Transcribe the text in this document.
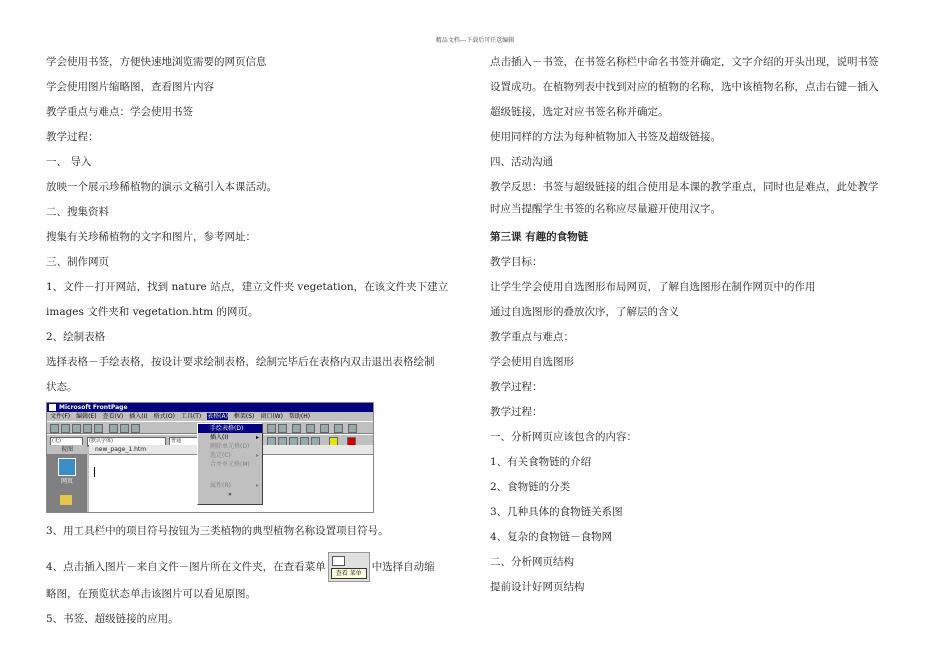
精品文档---下载后可任意编辑

学会使用书签，方便快速地浏览需要的网页信息

学会使用图片缩略图，查看图片内容

教学重点与难点：学会使用书签

教学过程：

一、 导入

放映一个展示珍稀植物的演示文稿引入本课活动。

二、搜集资料

搜集有关珍稀植物的文字和图片，参考网址：

三、制作网页

1、文件－打开网站，找到 nature 站点，建立文件夹 vegetation，在该文件夹下建立

images 文件夹和 vegetation.htm 的网页。

2、绘制表格

选择表格－手绘表格，按设计要求绘制表格，绘制完毕后在表格内双击退出表格绘制

状态。

Microsoft FrontPage
文件(F) 编辑(E) 查看(V) 插入(I) 格式(O) 工具(T) 表格(A) 框架(S) 窗口(W) 帮助(H)
(无)	(默认字体)	普通
视图
网页
new_page_1.htm
手绘表格(D)
插入(I)	▸
删除单元格(D)
选定(C)	▸
合并单元格(M)
属性(R)	▸
»

3、用工具栏中的项目符号按钮为三类植物的典型植物名称设置项目符号。

4、点击插入图片－来自文件－图片所在文件夹，在查看菜单
查看 菜单
中选择自动缩

略图，在预览状态单击该图片可以看见原图。

5、书签、超级链接的应用。

点击插入－书签，在书签名称栏中命名书签并确定，文字介绍的开头出现，说明书签

设置成功。在植物列表中找到对应的植物的名称，选中该植物名称，点击右键－插入

超级链接，选定对应书签名称并确定。

使用同样的方法为每种植物加入书签及超级链接。

四、活动沟通

教学反思：书签与超级链接的组合使用是本课的教学重点，同时也是难点，此处教学

时应当提醒学生书签的名称应尽量避开使用汉字。

第三课 有趣的食物链

教学目标：

让学生学会使用自选图形布局网页，了解自选图形在制作网页中的作用

通过自选图形的叠放次序，了解层的含义

教学重点与难点：

学会使用自选图形

教学过程：

教学过程：

一、分析网页应该包含的内容：

1、有关食物链的介绍

2、食物链的分类

3、几种具体的食物链关系图

4、复杂的食物链－食物网

二、分析网页结构

提前设计好网页结构
